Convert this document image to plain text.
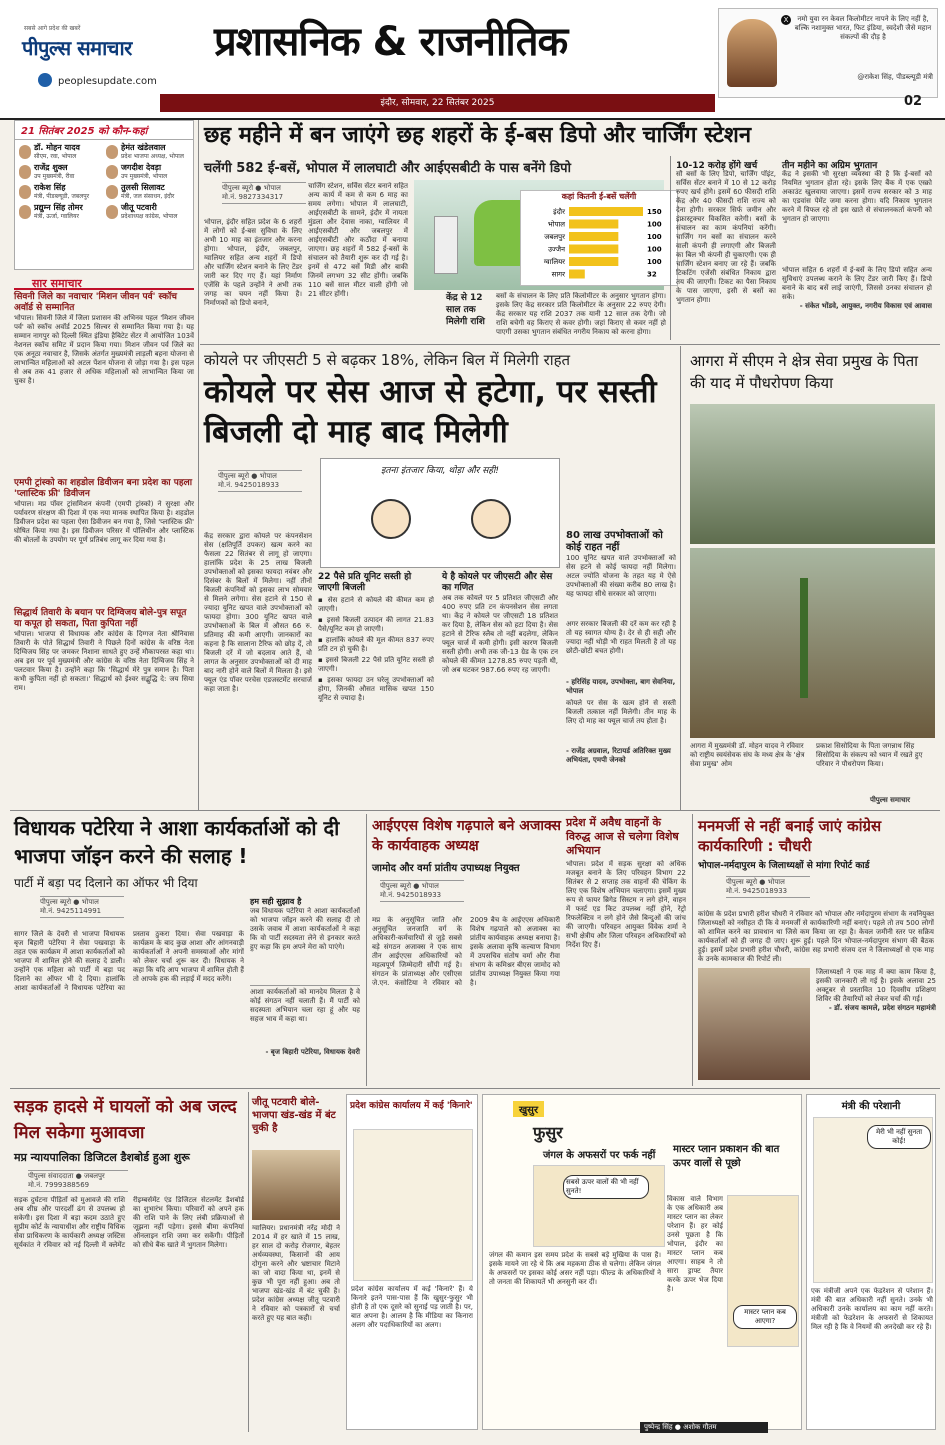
सबसे आगे प्रदेश की खबरें
पीपुल्स समाचार
peoplesupdate.com
प्रशासनिक & राजनीतिक
इंदौर, सोमवार, 22 सितंबर 2025
X	नमो युवा रन केवल किलोमीटर नापने के लिए नहीं है, बल्कि नशामुक्त भारत, फिट इंडिया, स्वदेशी जैसे महान संकल्पों की दौड़ है
@राकेश सिंह, पीडब्ल्यूडी मंत्री
02
21 सितंबर 2025 को कौन-कहां
डॉ. मोहन यादव
सीएम, रवा, भोपाल
हेमंत खंडेलवाल
प्रदेश भाजपा अध्यक्ष, भोपाल
राजेंद्र शुक्ल
उप मुख्यमंत्री, रीवा
जगदीश देवड़ा
उप मुख्यमंत्री, भोपाल
राकेश सिंह
मंत्री, पीडब्ल्यूडी, जबलपुर
तुलसी सिलावट
मंत्री, जल संसाधन, इंदौर
प्रद्युम्न सिंह तोमर
मंत्री, ऊर्जा, ग्वालियर
जीतू पटवारी
प्रदेशाध्यक्ष कांग्रेस, भोपाल
सार समाचार
सिवनी जिले का नवाचार 'मिशन जीवन पर्व' स्कॉच अवॉर्ड से सम्मानित
भोपाल। सिवनी जिले में जिला प्रशासन की अभिनव पहल 'मिशन जीवन पर्व' को स्कॉच अवॉर्ड 2025 सिल्वर से सम्मानित किया गया है। यह सम्मान नागपुर को दिल्ली स्थित इंडिया हैबिटेट सेंटर में आयोजित 103वें नेशनल स्कॉच समिट में प्रदान किया गया। मिशन जीवन पर्व जिले का एक अनूठा नवाचार है, जिसके अंतर्गत मुख्यमंत्री लाड़ली बहना योजना से लाभान्वित महिलाओं को अटल पेंशन योजना से जोड़ा गया है। इस पहल से अब तक 41 हजार से अधिक महिलाओं को लाभान्वित किया जा चुका है।
एमपी ट्रांस्को का शहडोल डिवीजन बना प्रदेश का पहला 'प्लास्टिक फ्री' डिवीजन
भोपाल। मप्र पॉवर ट्रांसमिशन कंपनी (एमपी ट्रांस्को) ने सुरक्षा और पर्यावरण संरक्षण की दिशा में एक नया मानक स्थापित किया है। शहडोल डिवीजन प्रदेश का पहला ऐसा डिवीजन बन गया है, जिसे 'प्लास्टिक फ्री' घोषित किया गया है। इस डिवीजन परिसर में पॉलिथीन और प्लास्टिक की बोतलों के उपयोग पर पूर्ण प्रतिबंध लागू कर दिया गया है।
सिद्धार्थ तिवारी के बयान पर दिग्विजय बोले-पुत्र सपूत या कपूत हो सकता, पिता कुपिता नहीं
भोपाल। भाजपा से विधायक और कांग्रेस के दिग्गज नेता श्रीनिवास तिवारी के पोते सिद्धार्थ तिवारी ने पिछले दिनों कांग्रेस के वरिष्ठ नेता दिग्विजय सिंह पर जमकर निशाना साधते हुए उन्हें मौकापरस्त कहा था। अब इस पर पूर्व मुख्यमंत्री और कांग्रेस के वरिष्ठ नेता दिग्विजय सिंह ने पलटवार किया है। उन्होंने कहा कि 'सिद्धार्थ मेरे पुत्र समान है। पिता कभी कुपिता नहीं हो सकता।' सिद्धार्थ को ईश्वर सद्बुद्धि दे: जय सिया राम।
छह महीने में बन जाएंगे छह शहरों के ई-बस डिपो और चार्जिंग स्टेशन
चलेंगी 582 ई-बसें, भोपाल में लालघाटी और आईएसबीटी के पास बनेंगे डिपो
पीपुल्स ब्यूरो ● भोपाल
मो.नं. 9827334317
भोपाल, इंदौर सहित प्रदेश के 6 शहरों में लोगों को ई-बस सुविधा के लिए अभी 10 माह का इंतजार और करना होगा। भोपाल, इंदौर, जबलपुर, ग्वालियर सहित अन्य शहरों में डिपो और चार्जिंग स्टेशन बनाने के लिए टेंडर जारी कर दिए गए हैं। यहां निर्माण एजेंसि के पहले उन्होंने ने अभी तक जगह का चयन नहीं किया है। निर्माणकों को डिपो बनाने,
चार्जिंग स्टेशन, सर्विस सेंटर बनाने सहित अन्य कार्य में कम से कम 6 माह का समय लगेगा। भोपाल में लालघाटी, आईएसबीटी के सामने, इंदौर में नायता मुंडला और देवास नाका, ग्वालियर में आईएसबीटी और जबलपुर में आईएसबीटी और कठौंदा में बनाया जाएगा। छह शहरों में 582 ई-बसों के संचालन को तैयारी शुरू कर दी गई है। इनमें से 472 बसें मिडी और बाकी जिनमें लगभग 32 सीट होंगी। जबकि 110 बसें साल मीटर वाली होंगी जो 21 सीटर होंगी।
कहां कितनी ई-बसें चलेंगी
इंदौर	150
भोपाल	100
जबलपुर	100
उज्जैन	100
ग्वालियर	100
सागर	32
केंद्र से 12 साल तक मिलेगी राशि
बसों के संचालन के लिए प्रति किलोमीटर के अनुसार भुगतान होगा। इसके लिए केंद्र सरकार प्रति किलोमीटर के अनुसार 22 रुपए देगी। केंद्र सरकार यह राशि 2037 तक यानी 12 साल तक देगी। जो राशि बचेगी वह किराए से कवर होगी। जहां किराए से कवर नहीं हो पाएगी उसका भुगतान संबंधित नगरीय निकाय को करना होगा।
10-12 करोड़ होंगे खर्च
सौ बसों के लिए डिपो, चार्जिंग पॉइंट, सर्विस सेंटर बनाने में 10 से 12 करोड़ रुपए खर्च होंगे। इसमें 60 फीसदी राशि केंद्र और 40 फीसदी राशि राज्य को देना होगी। सरकार सिर्फ जमीन और इंफ्रास्ट्रक्चर विकसित करेगी। बसों के संचालन का काम कंपनियां करेंगी। चार्जिंग गन बसों का संचालन करने वाली कंपनी ही लगाएगी और बिजली का बिल भी कंपनी ही चुकाएगी। एक ही चार्जिंग स्टेशन बनाए जा रहे हैं। जबकि टिकटिंग एजेंसी संबंधित निकाय द्वारा तय की जाएगी। टिकट का पैसा निकाय के पास जाएगा, इसी से बसों का भुगतान होगा।
तीन महीने का अग्रिम भुगतान
केंद्र ने इसकी भी सुरक्षा व्यवस्था की है कि ई-बसों को नियमित भुगतान होता रहे। इसके लिए बैंक में एक एस्क्रो अकाउंट खुलवाया जाएगा। इसमें राज्य सरकार को 3 माह का एडवांस पेमेंट जमा करना होगा। यदि निकाय भुगतान करने में विफल रहे तो इस खाते से संचालनकर्ता कंपनी को भुगतान हो जाएगा।
भोपाल सहित 6 शहरों में ई-बसें के लिए डिपो सहित अन्य सुविधाएं उपलब्ध कराने के लिए टेंडर जारी किए हैं। डिपो बनाने के बाद बसें लाई जाएंगी, जिससे उनका संचालन हो सके।
- संकेत भोंडवे, आयुक्त, नगरीय विकास एवं आवास
कोयले पर जीएसटी 5 से बढ़कर 18%, लेकिन बिल में मिलेगी राहत
कोयले पर सेस आज से हटेगा, पर सस्ती बिजली दो माह बाद मिलेगी
पीपुल्स ब्यूरो ● भोपाल
मो.नं. 9425018933
इतना इंतजार किया, थोड़ा और सही!
केंद्र सरकार द्वारा कोयले पर कंपनसेशन सेस (क्षतिपूर्ति उपकर) खत्म करने का फैसला 22 सितंबर से लागू हो जाएगा। हालांकि प्रदेश के 25 लाख बिजली उपभोक्ताओं को इसका फायदा नवंबर और दिसंबर के बिलों में मिलेगा। नहीं तीनों बिजली कंपनियों को इसका लाभ सोमवार से मिलने लगेगा। सेस हटाने से 150 से ज्यादा यूनिट खपत वाले उपभोक्ताओं को फायदा होगा। 300 यूनिट खपत वाले उपभोक्ताओं के बिल में औसत 66 रु. प्रतिमाह की कमी आएगी। जानकारों का कहना है कि सालाना टैरिफ को छोड़ दें, तो बिजली दरें में जो बदलाव आते हैं, वो लागत के अनुसार उपभोक्ताओं को दी माह बाद नारी होने वाले बिलों में मिलता है। इसे फ्यूल एंड पॉवर परचेस एडजस्टमेंट सरचार्ज कहा जाता है।
22 पैसे प्रति यूनिट सस्ती हो जाएगी बिजली
▪ सेस हटाने से कोयले की कीमत कम हो जाएगी।
▪ इससे बिजली उत्पादन की लागत 21.83 पैसे/यूनिट कम हो जाएगी।
▪ हालांकि कोयले की मूल कीमत 837 रुपए प्रति टन हो चुकी है।
▪ इससे बिजली 22 पैसे प्रति यूनिट सस्ती हो जाएगी।
▪ इसका फायदा उन घरेलू उपभोक्ताओं को होगा, जिनकी औसत मासिक खपत 150 यूनिट से ज्यादा है।
ये है कोयले पर जीएसटी और सेस का गणित
अब तक कोयले पर 5 प्रतिशत जीएसटी और 400 रुपए प्रति टन कंपनसेशन सेस लगता था। केंद्र ने कोयले पर जीएसटी 18 प्रतिशत कर दिया है, लेकिन सेस को हटा दिया है। सेस हटाने से टैरिफ स्लैब तो नहीं बदलेगा, लेकिन फ्यूल चार्ज में कमी होगी। इसी कारण बिजली सस्ती होगी। अभी तक जी-13 ग्रेड के एक टन कोयले की कीमत 1278.85 रुपए पड़ती थी, जो अब घटकर 987.66 रुपए रह जाएगी।
80 लाख उपभोक्ताओं को कोई राहत नहीं
100 यूनिट खपत वाले उपभोक्ताओं को सेस हटने से कोई फायदा नहीं मिलेगा। अटल ज्योति योजना के तहत यह मे ऐसे उपभोक्ताओं की संख्या करीब 80 लाख है। यह फायदा सीधे सरकार को जाएगा।
अगर सरकार बिजली की दरें कम कर रही है तो यह स्वागत योग्य है। देर से ही सही और ज्यादा नहीं थोड़ी भी राहत मिलती है तो यह छोटी-छोटी बचत होगी।
- हरिसिंह यादव, उपभोक्ता, बाग सेवनिया, भोपाल
कोयले पर सेस के खत्म होने से सस्ती बिजली तत्काल नहीं मिलेगी। तीन माह के लिए दो माह का फ्यूल चार्ज तय होता है।
- राजेंद्र अग्रवाल, रिटायर्ड अतिरिक्त मुख्य अभियंता, एमपी जेनको
आगरा में सीएम ने क्षेत्र सेवा प्रमुख के पिता की याद में पौधरोपण किया
आगरा में मुख्यमंत्री डॉ. मोहन यादव ने रविवार को राष्ट्रीय स्वयंसेवक संघ के मध्य क्षेत्र के 'क्षेत्र सेवा प्रमुख' ओम
प्रकाश सिसोदिया के पिता जगन्नाथ सिंह सिसोदिया के संकल्प को ध्यान में रखते हुए परिवार ने पौधरोपण किया।
पीपुल्स समाचार
विधायक पटेरिया ने आशा कार्यकर्ताओं को दी भाजपा जॉइन करने की सलाह !
पार्टी में बड़ा पद दिलाने का ऑफर भी दिया
पीपुल्स ब्यूरो ● भोपाल
मो.नं. 9425114991
सागर जिले के देवरी से भाजपा विधायक बृज बिहारी पटेरिया ने सेवा पखवाड़ा के तहत एक कार्यक्रम में आशा कार्यकर्ताओं को भाजपा में शामिल होने की सलाह दे डाली। उन्होंने एक महिला को पार्टी में बड़ा पद दिलाने का ऑफर भी दे दिया। हालांकि आशा कार्यकर्ताओं ने विधायक पटेरिया का प्रस्ताव ठुकरा दिया। सेवा पखवाड़ा के कार्यक्रम के बाद कुछ आशा और आंगनवाड़ी कार्यकर्ताओं ने अपनी समस्याओं और मांगों को लेकर चर्चा शुरू कर दी। विधायक ने कहा कि यदि आप भाजपा में शामिल होती हैं तो आपके हक की लड़ाई में मदद करेंगे।
हम सही सुझाव है
जब विधायक पटेरिया ने आशा कार्यकर्ताओं को भाजपा जॉइन करने की सलाह दी तो उसके जवाब में आशा कार्यकर्ताओं ने कहा कि वो पार्टी सदस्यता लेने से इनकार करते हुए कहा कि हम अपने मेरा को पाएंगे।
आशा कार्यकर्ताओं को मानदेय मिलता है वे कोई संगठन नहीं चलाती हैं। मैं पार्टी को सदस्यता अभियान चला रहा हूं और यह सहज भाव में कहा था।
- बृज बिहारी पटेरिया, विधायक देवरी
आईएएस विशेष गढ़पाले बने अजाक्स के कार्यवाहक अध्यक्ष
जामोद और वर्मा प्रांतीय उपाध्यक्ष नियुक्त
पीपुल्स ब्यूरो ● भोपाल
मो.नं. 9425018933
मप्र के अनुसूचित जाति और अनुसूचित जनजाति वर्ग के अधिकारी-कर्मचारियों से जुड़े सबसे बड़े संगठन अजाक्स ने एक साथ तीन आईएएस अधिकारियों को महत्वपूर्ण जिम्मेदारी सौंपी गई है। संगठन के प्रांताध्यक्ष और एसीएस जे.एन. कंसोटिया ने रविवार को 2009 बैच के आईएएस अधिकारी विशेष गढ़पाले को अजाक्स का प्रांतीय कार्यवाहक अध्यक्ष बनाया है। इसके अलावा कृषि कल्याण विभाग में उपसचिव संतोष वर्मा और रीवा संभाग के कमिश्नर बीएस जामोद को प्रांतीय उपाध्यक्ष नियुक्त किया गया है।
प्रदेश में अवैध वाहनों के विरुद्ध आज से चलेगा विशेष अभियान
भोपाल। प्रदेश में सड़क सुरक्षा को अधिक मजबूत बनाने के लिए परिवहन विभाग 22 सितंबर से 2 सप्ताह तक वाहनों की चेकिंग के लिए एक विशेष अभियान चलाएगा। इसमें मुख्य रूप से फायर ब्रिगेड सिस्टम न लगे होने, वाहन में फर्स्ट एड किट उपलब्ध नहीं होने, रेट्रो रिफलेक्टिव न लगे होने जैसे बिन्दुओं की जांच की जाएगी। परिवहन आयुक्त विवेक शर्मा ने सभी क्षेत्रीय और जिला परिवहन अधिकारियों को निर्देश दिए हैं।
मनमर्जी से नहीं बनाई जाएं कांग्रेस कार्यकारिणी : चौधरी
भोपाल-नर्मदापुरम के जिलाध्यक्षों से मांगा रिपोर्ट कार्ड
पीपुल्स ब्यूरो ● भोपाल
मो.नं. 9425018933
कांग्रेस के प्रदेश प्रभारी हरीश चौधरी ने रविवार को भोपाल और नर्मदापुरम संभाग के नवनियुक्त जिलाध्यक्षों को नसीहत दी कि वे मनमर्जी से कार्यकारिणी नहीं बनाएं। पहले तो तय 500 लोगों को शामिल करने का प्रावधान था जिसे कम किया जा रहा है। केवल जमीनी स्तर पर सक्रिय कार्यकर्ताओं को ही जगह दी जाए। शुरू हुई। पहले दिन भोपाल-नर्मदापुरम संभाग की बैठक हुई। इसमें प्रदेश प्रभारी हरीश चौधरी, कांग्रेस सह प्रभारी संजय दत्त ने जिलाध्यक्षों से एक माह के उनके कामकाज की रिपोर्ट ली।
जिलाध्यक्षों ने एक माह में क्या काम किया है, इसकी जानकारी ली गई है। इसके अलावा 25 अक्टूबर से प्रस्तावित 10 दिवसीय प्रशिक्षण शिविर की तैयारियों को लेकर चर्चा की गई।
- डॉ. संजय कामले, प्रदेश संगठन महामंत्री
सड़क हादसे में घायलों को अब जल्द मिल सकेगा मुआवजा
मप्र न्यायपालिका डिजिटल डैशबोर्ड हुआ शुरू
पीपुल्स संवाददाता ● जबलपुर
मो.नं. 7999388569
सड़क दुर्घटना पीड़ितों को मुआवजे की राशि अब शीघ्र और पारदर्शी ढंग से उपलब्ध हो सकेगी। इस दिशा में बड़ा कदम उठाते हुए सुप्रीम कोर्ट के न्यायाधीश और राष्ट्रीय विधिक सेवा प्राधिकरण के कार्यकारी अध्यक्ष जस्टिस सूर्यकांत ने रविवार को नई दिल्ली में क्लेमेंट रीइम्बर्समेंट एंड डिजिटल सेटलमेंट डैशबोर्ड का शुभारंभ किया। परिवारों को अपने हक की राशि पाने के लिए लंबी प्रक्रियाओं से जूझना नहीं पड़ेगा। इससे बीमा कंपनियां ऑनलाइन राशि जमा कर सकेंगी। पीड़ितों को सीधे बैंक खाते में भुगतान मिलेगा।
जीतू पटवारी बोले-भाजपा खंड-खंड में बंट चुकी है
ग्वालियर। प्रधानमंत्री नरेंद्र मोदी ने 2014 में हर खाते में 15 लाख, हर साल दो करोड़ रोजगार, बेहतर अर्थव्यवस्था, किसानों की आय दोगुना करने और भ्रष्टाचार मिटाने का जो वादा किया था, इनमें से कुछ भी पूरा नहीं हुआ। अब तो भाजपा खंड-खंड में बंट चुकी है। प्रदेश कांग्रेस अध्यक्ष जीतू पटवारी ने रविवार को पत्रकारों से चर्चा करते हुए यह बात कही।
प्रदेश कांग्रेस कार्यालय में कई 'किनारे'
प्रदेश कांग्रेस कार्यालय में कई 'किनारे' हैं। ये किनारे इतने पास-पास हैं कि खुसुर-फुसुर भी होती है तो एक दूसरे को सुनाई पड़ जाती है। पर, बात अपना है। आलम है कि मीडिया का किनारा अलग और पदाधिकारियों का अलग।
खुसुर
फुसुर
जंगल के अफसरों पर फर्क नहीं
सबसे ऊपर वालों की भी नहीं सुनते!
जंगल की कमान इस समय प्रदेश के सबसे बड़े मुखिया के पास है। इसके मायने जा रहे थे कि अब महकमा ठीक से चलेगा। लेकिन जंगल के अफसरों पर इसका कोई असर नहीं पड़ा। फील्ड के अधिकारियों ने तो जनता की शिकायतें भी अनसुनी कर दीं।
मास्टर प्लान प्रकाशन की बात ऊपर वालों से पूछो
विकास वाले विभाग के एक अधिकारी अब मास्टर प्लान का लेकर परेशान हैं। हर कोई उनसे पूछता है कि भोपाल, इंदौर का मास्टर प्लान कब आएगा। साहब ने तो सारा ड्राफ्ट तैयार करके ऊपर भेज दिया है।
मास्टर प्लान कब आएगा?
पुष्पेन्द्र सिंह ● अशोक गौतम
मंत्री की परेशानी
मेरी भी नहीं सुनता कोई!
एक मंत्रीजी अपने एक फेडरेशन से परेशान हैं। मंत्री की बात अधिकारी नहीं सुनते। उनके भी अधिकारी उनके कार्यालय का काम नहीं करते। मंत्रीजी को फेडरेशन के अफसरों से शिकायत मिल रही है कि वे नियमों की अनदेखी कर रहे हैं।
